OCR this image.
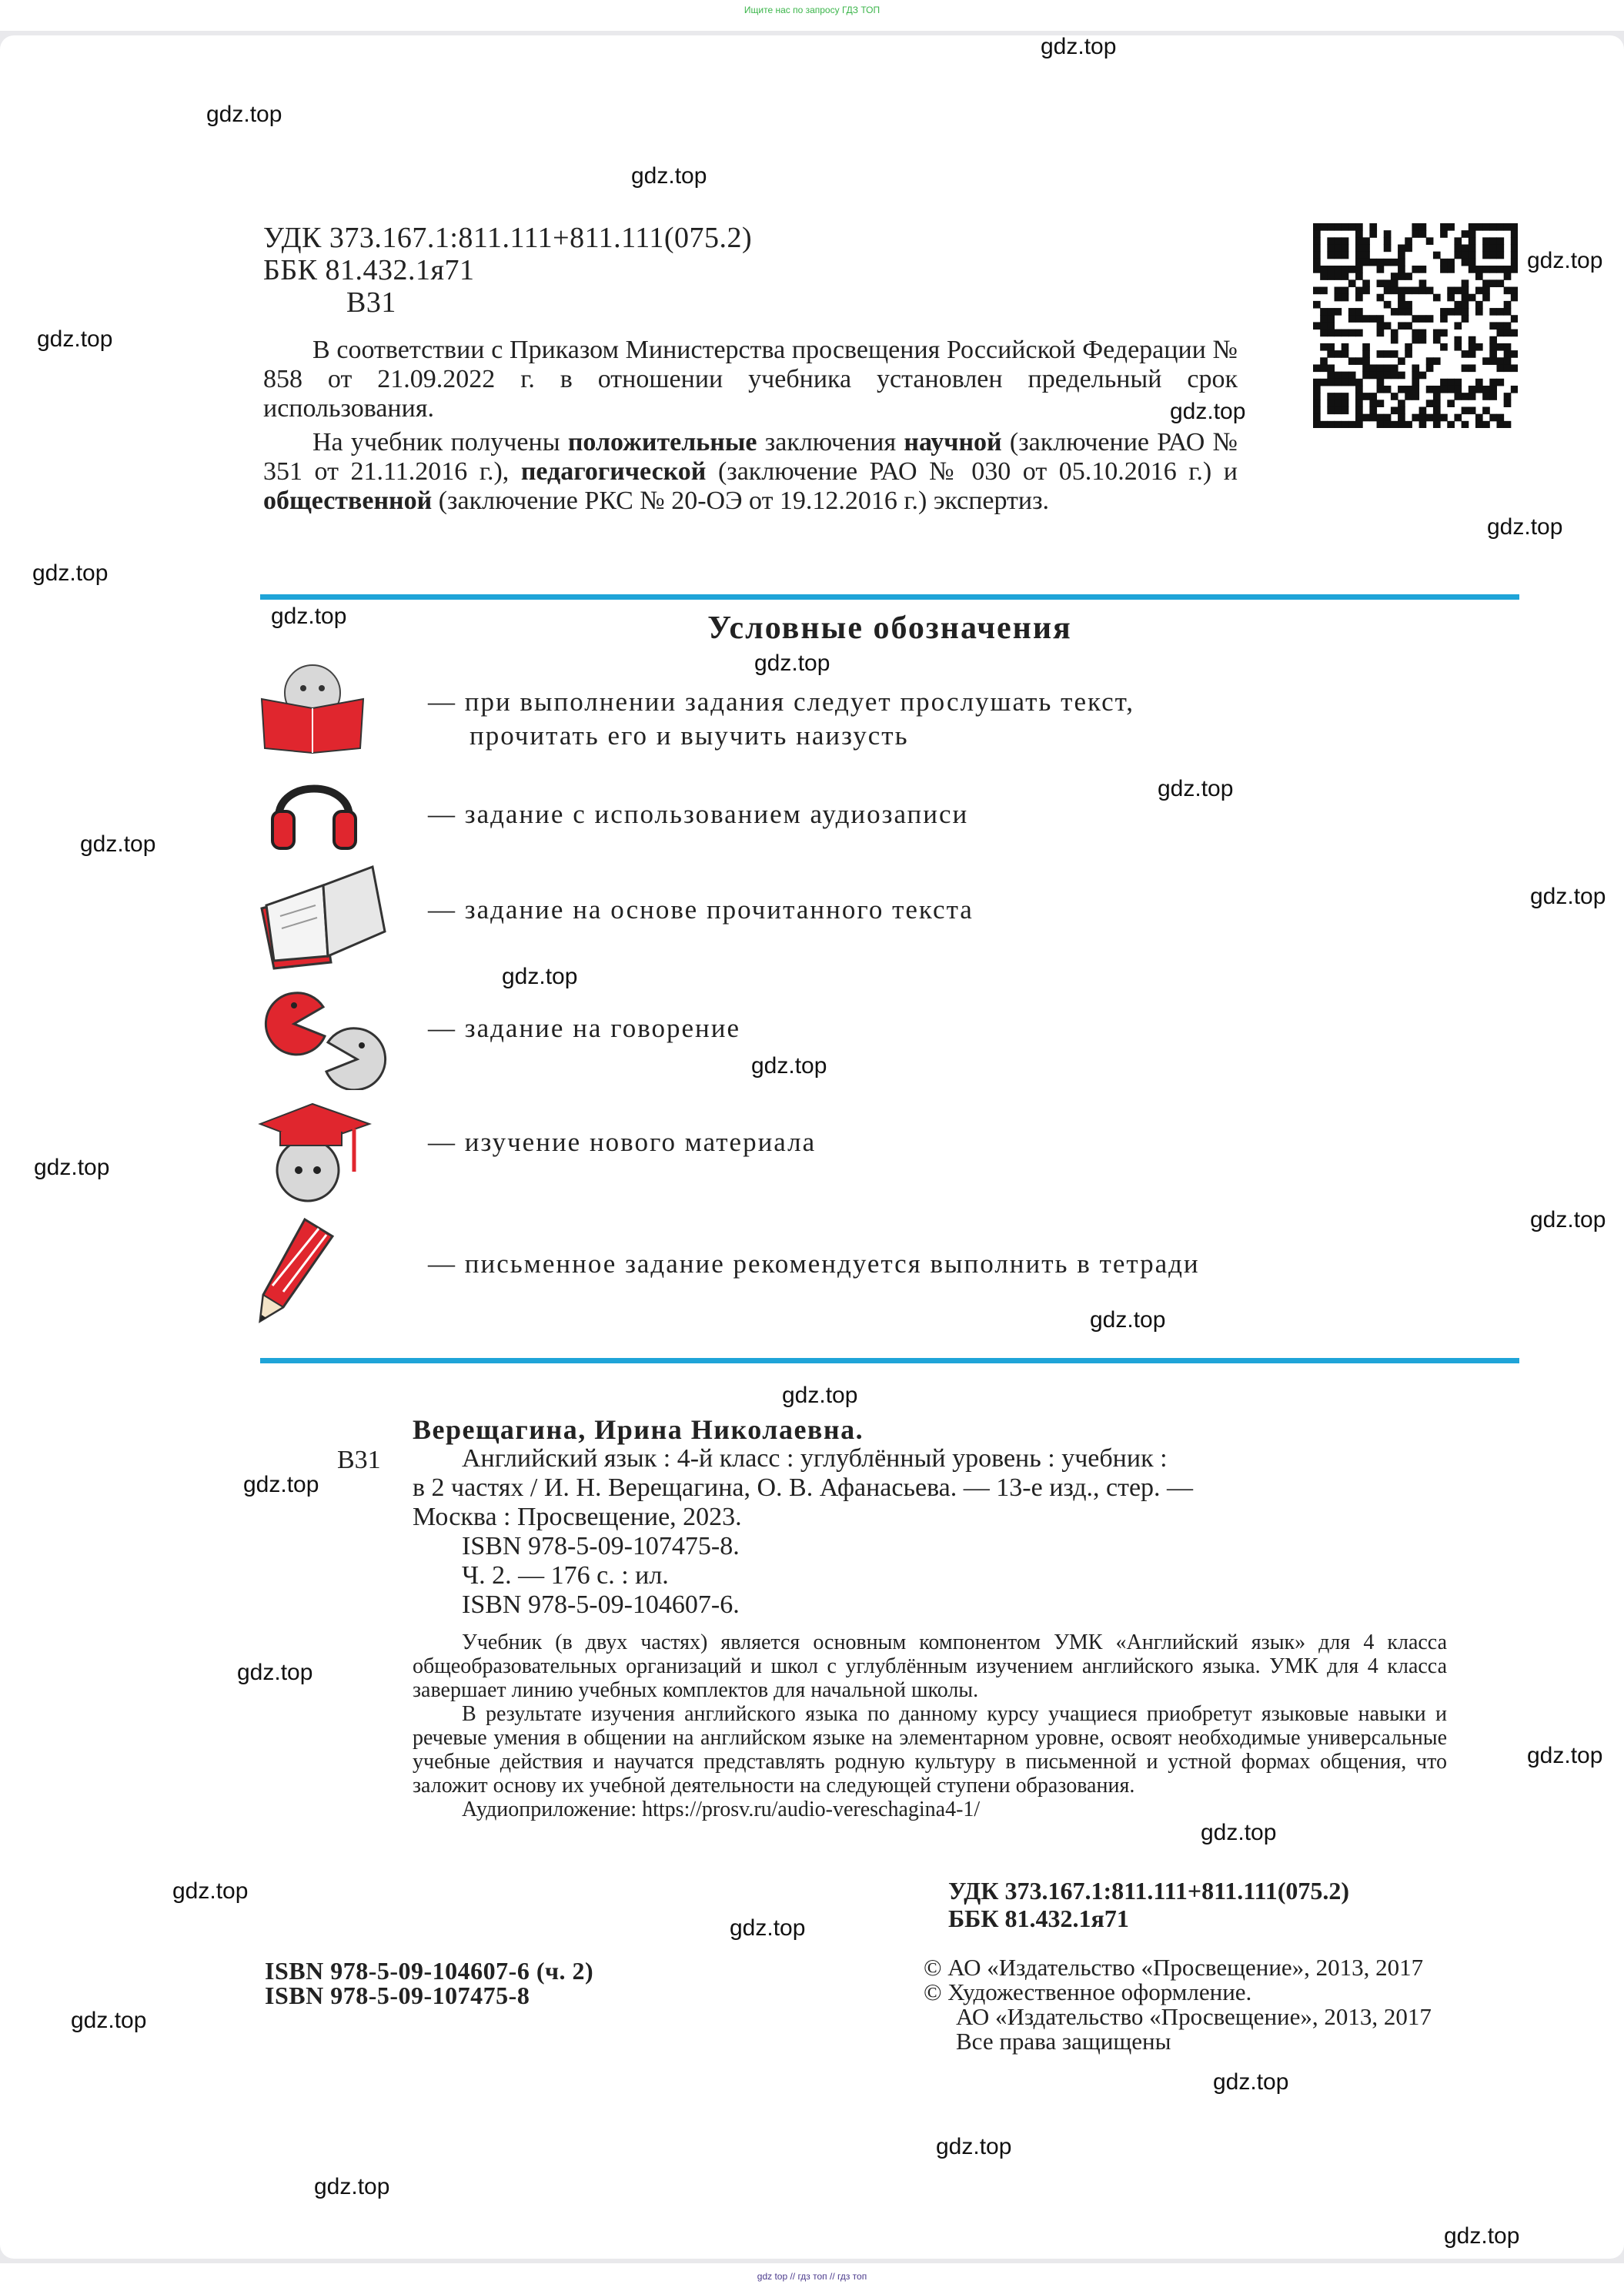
Ищите нас по запросу ГДЗ ТОП
УДК 373.167.1:811.111+811.111(075.2)
ББК 81.432.1я71
В31

В соответствии с Приказом Министерства просвещения Российской Федерации № 858 от 21.09.2022 г. в отношении учебника установлен предельный срок использования.

На учебник получены положительные заключения научной (заключение РАО № 351 от 21.11.2016 г.), педагогической (заключение РАО № 030 от 05.10.2016 г.) и общественной (заключение РКС № 20-ОЭ от 19.12.2016 г.) экспертиз.

Условные обозначения
— при выполнении задания следует прослушать текст,
прочитать его и выучить наизусть
— задание с использованием аудиозаписи
— задание на основе прочитанного текста
— задание на говорение
— изучение нового материала
— письменное задание рекомендуется выполнить в тетради
В31
Верещагина, Ирина Николаевна.
Английский язык : 4-й класс : углублённый уровень : учебник :
в 2 частях / И. Н. Верещагина, О. В. Афанасьева. — 13-е изд., стер. —
Москва : Просвещение, 2023.
ISBN 978-5-09-107475-8.
Ч. 2. — 176 с. : ил.
ISBN 978-5-09-104607-6.

Учебник (в двух частях) является основным компонентом УМК «Английский язык» для 4 класса общеобразовательных организаций и школ с углублённым изучением английского языка. УМК для 4 класса завершает линию учебных комплектов для начальной школы.

В результате изучения английского языка по данному курсу учащиеся приобретут языковые навыки и речевые умения в общении на английском языке на элементарном уровне, освоят необходимые универсальные учебные действия и научатся представлять родную культуру в письменной и устной формах общения, что заложит основу их учебной деятельности на следующей ступени образования.

Аудиоприложение: https://prosv.ru/audio-vereschagina4-1/

УДК 373.167.1:811.111+811.111(075.2)
ББК 81.432.1я71
ISBN 978-5-09-104607-6 (ч. 2)
ISBN 978-5-09-107475-8
© АО «Издательство «Просвещение», 2013, 2017
© Художественное оформление.
АО «Издательство «Просвещение», 2013, 2017
Все права защищены
gdz.top
gdz.top
gdz.top
gdz.top
gdz.top
gdz.top
gdz.top
gdz.top
gdz.top
gdz.top
gdz.top
gdz.top
gdz.top
gdz.top
gdz.top
gdz.top
gdz.top
gdz.top
gdz.top
gdz.top
gdz.top
gdz.top
gdz.top
gdz.top
gdz.top
gdz.top
gdz.top
gdz.top
gdz.top
gdz.top
gdz top // гдз топ // гдз топ
